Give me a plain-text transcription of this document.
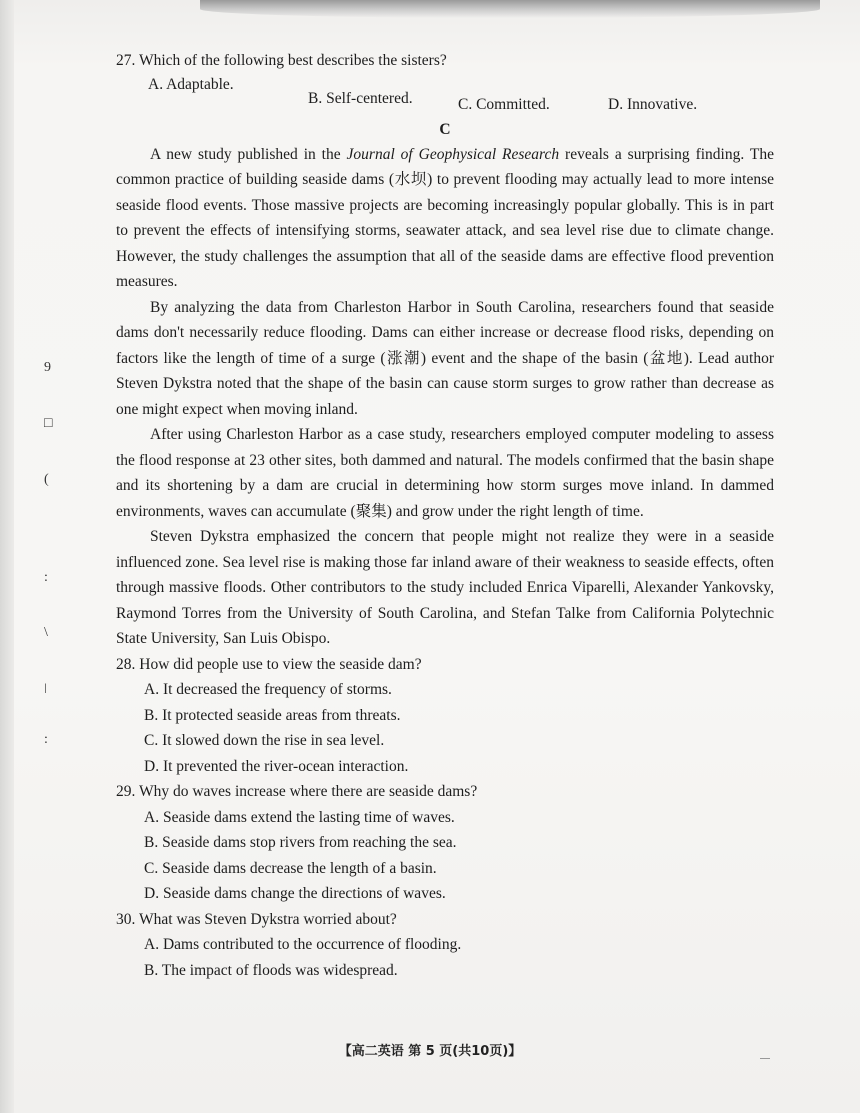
9
□
(
:
\
ǀ
:

27. Which of the following best describes the sisters?

A. Adaptable.
B. Self-centered.	C. Committed.	D. Innovative.

C

A new study published in the Journal of Geophysical Research reveals a surprising finding. The common practice of building seaside dams (水坝) to prevent flooding may actually lead to more intense seaside flood events. Those massive projects are becoming increasingly popular globally. This is in part to prevent the effects of intensifying storms, seawater attack, and sea level rise due to climate change. However, the study challenges the assumption that all of the seaside dams are effective flood prevention measures.

By analyzing the data from Charleston Harbor in South Carolina, researchers found that seaside dams don't necessarily reduce flooding. Dams can either increase or decrease flood risks, depending on factors like the length of time of a surge (涨潮) event and the shape of the basin (盆地). Lead author Steven Dykstra noted that the shape of the basin can cause storm surges to grow rather than decrease as one might expect when moving inland.

After using Charleston Harbor as a case study, researchers employed computer modeling to assess the flood response at 23 other sites, both dammed and natural. The models confirmed that the basin shape and its shortening by a dam are crucial in determining how storm surges move inland. In dammed environments, waves can accumulate (聚集) and grow under the right length of time.

Steven Dykstra emphasized the concern that people might not realize they were in a seaside influenced zone. Sea level rise is making those far inland aware of their weakness to seaside effects, often through massive floods. Other contributors to the study included Enrica Viparelli, Alexander Yankovsky, Raymond Torres from the University of South Carolina, and Stefan Talke from California Polytechnic State University, San Luis Obispo.

28. How did people use to view the seaside dam?

A. It decreased the frequency of storms.

B. It protected seaside areas from threats.

C. It slowed down the rise in sea level.

D. It prevented the river-ocean interaction.

29. Why do waves increase where there are seaside dams?

A. Seaside dams extend the lasting time of waves.

B. Seaside dams stop rivers from reaching the sea.

C. Seaside dams decrease the length of a basin.

D. Seaside dams change the directions of waves.

30. What was Steven Dykstra worried about?

A. Dams contributed to the occurrence of flooding.

B. The impact of floods was widespread.

【高二英语 第 5 页(共10页)】
